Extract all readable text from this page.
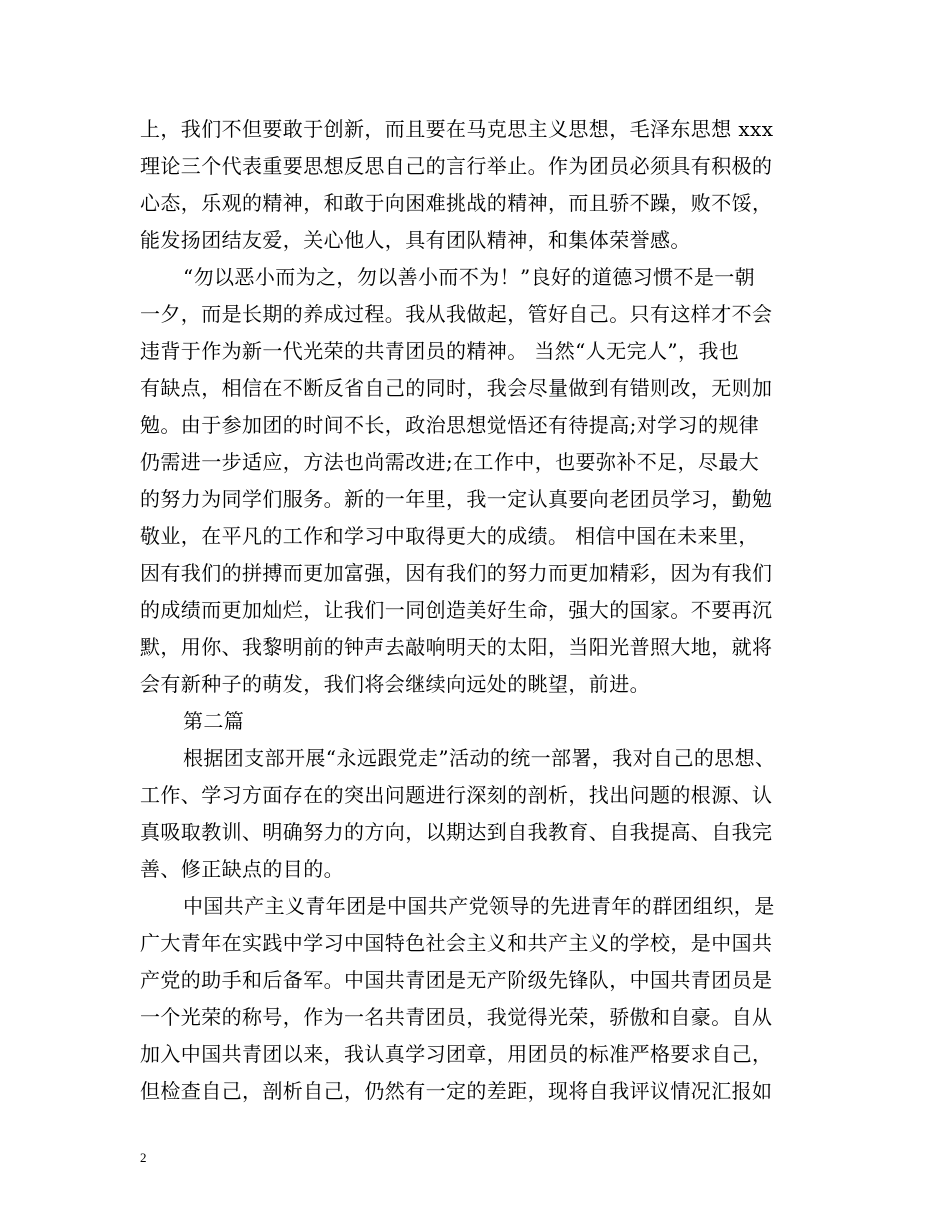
上，我们不但要敢于创新，而且要在马克思主义思想，毛泽东思想 xxx
理论三个代表重要思想反思自己的言行举止。作为团员必须具有积极的
心态，乐观的精神，和敢于向困难挑战的精神，而且骄不躁，败不馁，
能发扬团结友爱，关心他人，具有团队精神，和集体荣誉感。
“勿以恶小而为之，勿以善小而不为！”良好的道德习惯不是一朝
一夕，而是长期的养成过程。我从我做起，管好自己。只有这样才不会
违背于作为新一代光荣的共青团员的精神。 当然“人无完人”，我也
有缺点，相信在不断反省自己的同时，我会尽量做到有错则改，无则加
勉。由于参加团的时间不长，政治思想觉悟还有待提高;对学习的规律
仍需进一步适应，方法也尚需改进;在工作中，也要弥补不足，尽最大
的努力为同学们服务。新的一年里，我一定认真要向老团员学习，勤勉
敬业，在平凡的工作和学习中取得更大的成绩。 相信中国在未来里，
因有我们的拼搏而更加富强，因有我们的努力而更加精彩，因为有我们
的成绩而更加灿烂，让我们一同创造美好生命，强大的国家。不要再沉
默，用你、我黎明前的钟声去敲响明天的太阳，当阳光普照大地，就将
会有新种子的萌发，我们将会继续向远处的眺望，前进。
第二篇
根据团支部开展“永远跟党走”活动的统一部署，我对自己的思想、
工作、学习方面存在的突出问题进行深刻的剖析，找出问题的根源、认
真吸取教训、明确努力的方向，以期达到自我教育、自我提高、自我完
善、修正缺点的目的。
中国共产主义青年团是中国共产党领导的先进青年的群团组织，是
广大青年在实践中学习中国特色社会主义和共产主义的学校，是中国共
产党的助手和后备军。中国共青团是无产阶级先锋队，中国共青团员是
一个光荣的称号，作为一名共青团员，我觉得光荣，骄傲和自豪。自从
加入中国共青团以来，我认真学习团章，用团员的标准严格要求自己，
但检查自己，剖析自己，仍然有一定的差距，现将自我评议情况汇报如
2
